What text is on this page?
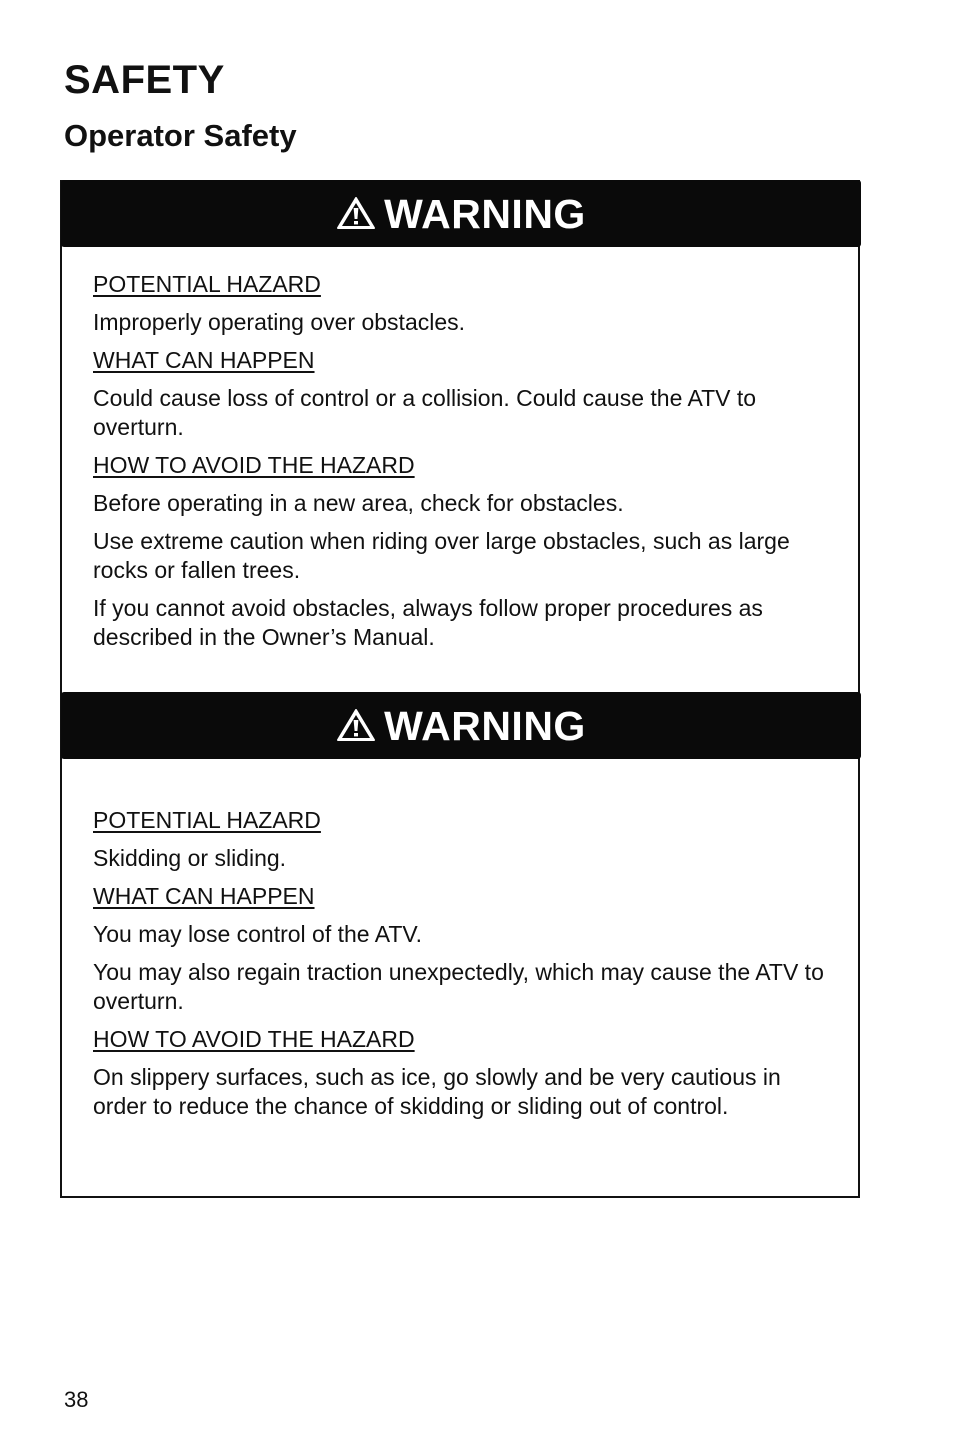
SAFETY
Operator Safety
WARNING

POTENTIAL HAZARD

Improperly operating over obstacles.

WHAT CAN HAPPEN

Could cause loss of control or a collision. Could cause the ATV to overturn.

HOW TO AVOID THE HAZARD

Before operating in a new area, check for obstacles.

Use extreme caution when riding over large obstacles, such as large rocks or fallen trees.

If you cannot avoid obstacles, always follow proper procedures as described in the Owner’s Manual.

WARNING

POTENTIAL HAZARD

Skidding or sliding.

WHAT CAN HAPPEN

You may lose control of the ATV.

You may also regain traction unexpectedly, which may cause the ATV to overturn.

HOW TO AVOID THE HAZARD

On slippery surfaces, such as ice, go slowly and be very cautious in order to reduce the chance of skidding or sliding out of control.

38
